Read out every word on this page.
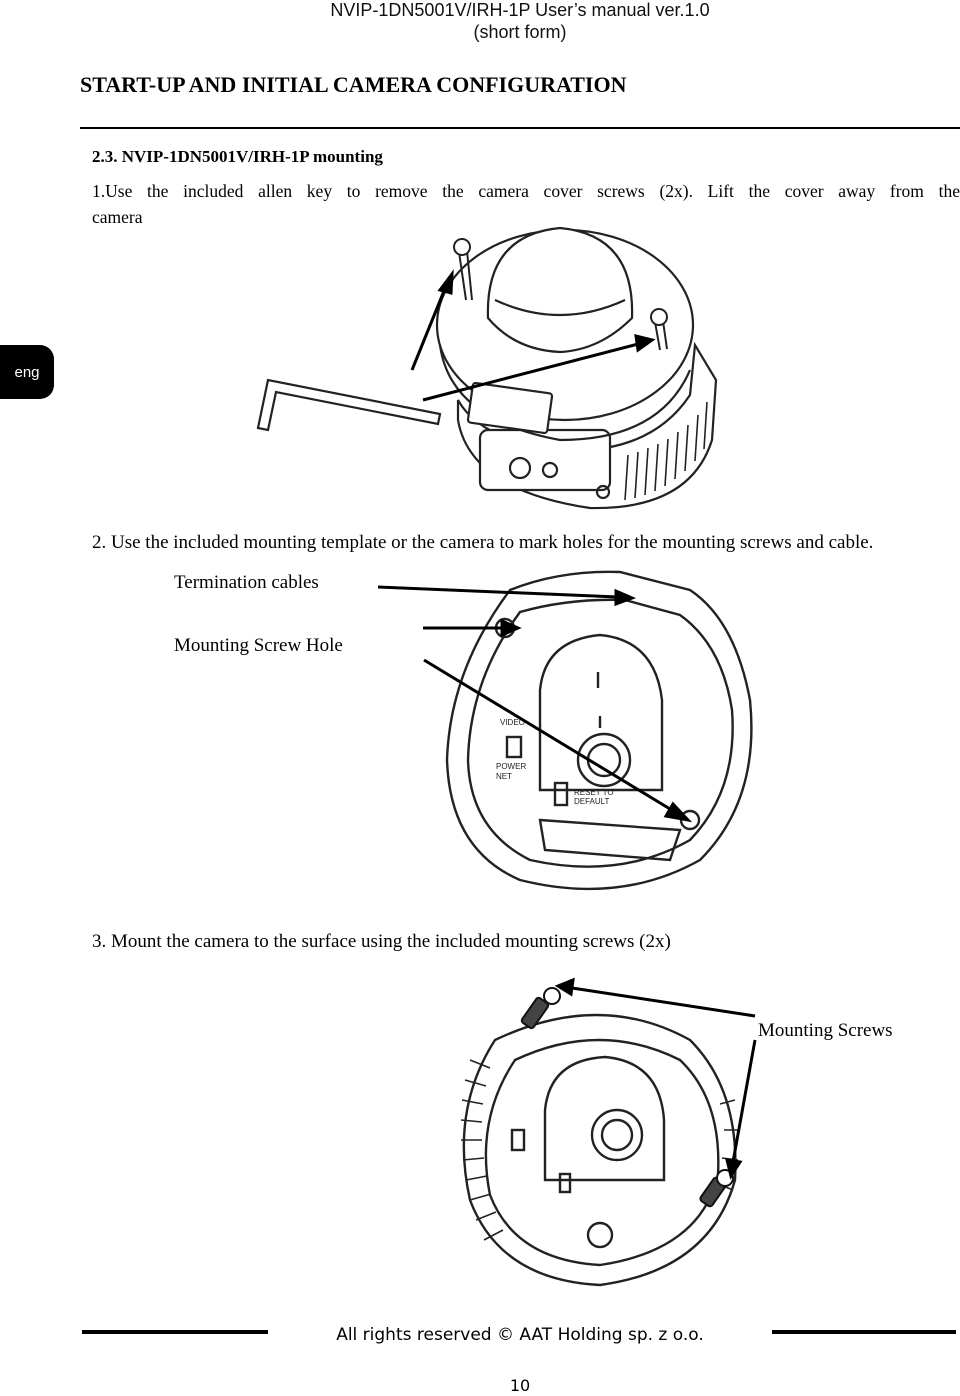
NVIP-1DN5001V/IRH-1P User’s manual ver.1.0
(short form)
START-UP AND INITIAL CAMERA CONFIGURATION
2.3. NVIP-1DN5001V/IRH-1P mounting
1.Use the included allen key to remove the camera cover screws (2x). Lift the cover away from the
camera
eng
2. Use the included mounting template or the camera to mark holes for the mounting screws and cable.
Termination cables
Mounting Screw Hole
VIDEO
POWER
NET
RESET TO
DEFAULT
3. Mount the camera to the surface using the included mounting screws (2x)
Mounting Screws
All rights reserved © AAT Holding sp. z o.o.
10
